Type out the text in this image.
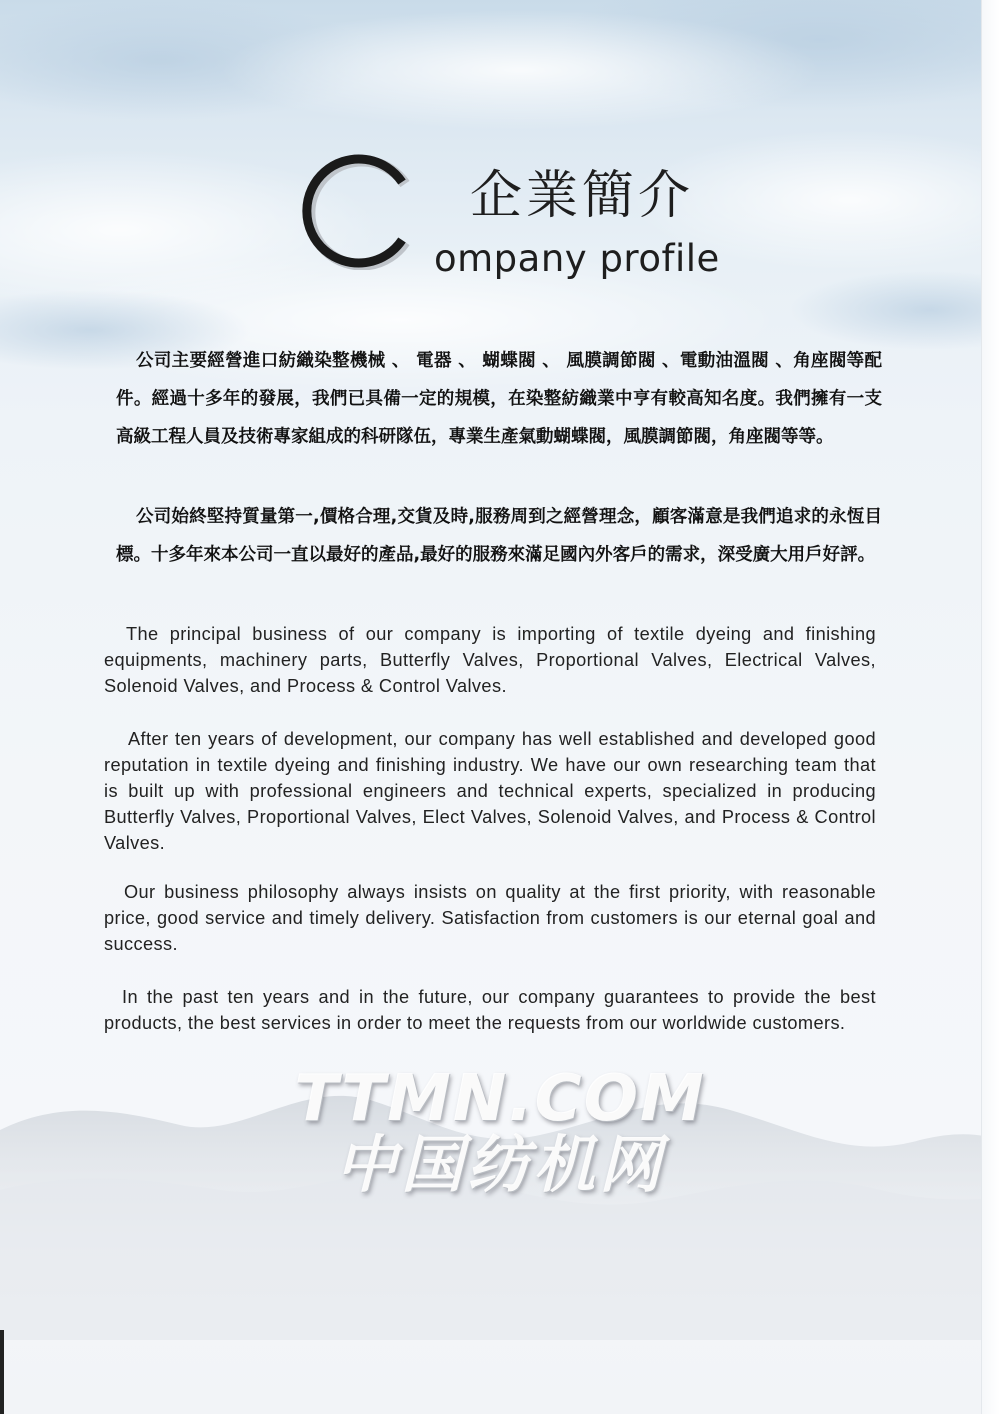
企業簡介
ompany profile

公司主要經營進口紡織染整機械 、 電器 、 蝴蝶閥 、 風膜調節閥 、電動油溫閥 、角座閥等配件。經過十多年的發展，我們已具備一定的規模，在染整紡織業中亨有較高知名度。我們擁有一支高級工程人員及技術專家組成的科研隊伍，專業生產氣動蝴蝶閥，風膜調節閥，角座閥等等。

公司始終堅持質量第一,價格合理,交貨及時,服務周到之經營理念，顧客滿意是我們追求的永恆目標。十多年來本公司一直以最好的產品,最好的服務來滿足國內外客戶的需求，深受廣大用戶好評。

The principal business of our company is importing of textile dyeing and finishing equipments, machinery parts, Butterfly Valves, Proportional Valves, Electrical Valves, Solenoid Valves, and Process & Control Valves.

After ten years of development, our company has well established and developed good reputation in textile dyeing and finishing industry. We have our own researching team that is built up with professional engineers and technical experts, specialized in producing Butterfly Valves, Proportional Valves, Elect Valves, Solenoid Valves, and Process & Control Valves.

Our business philosophy always insists on quality at the first priority, with reasonable price, good service and timely delivery. Satisfaction from customers is our eternal goal and success.

In the past ten years and in the future, our company guarantees to provide the best products, the best services in order to meet the requests from our worldwide customers.

TTMN.COM
中国纺机网
